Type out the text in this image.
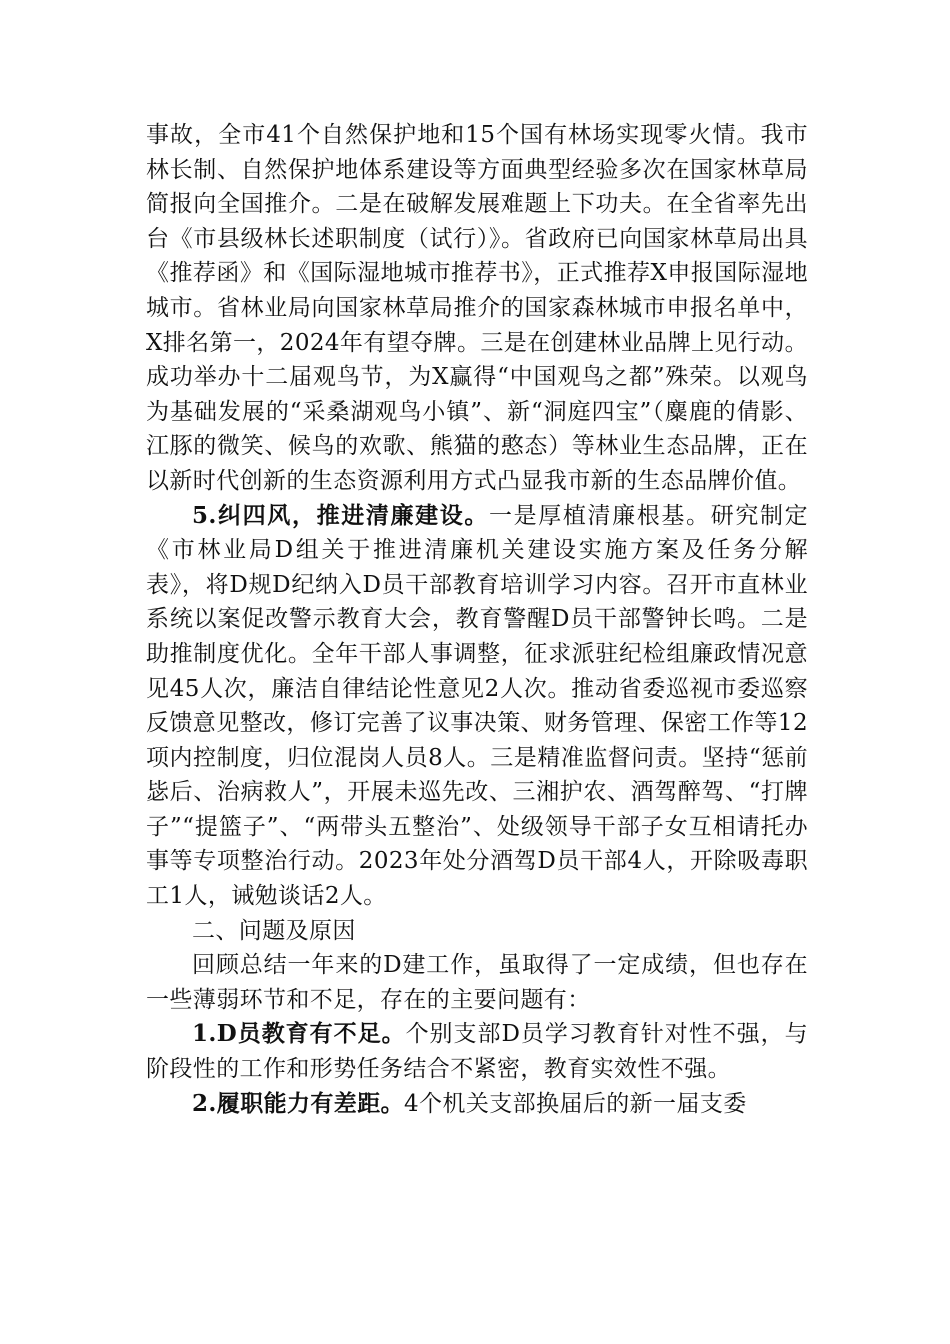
事故，全市41个自然保护地和15个国有林场实现零火情。我市林长制、自然保护地体系建设等方面典型经验多次在国家林草局简报向全国推介。二是在破解发展难题上下功夫。在全省率先出台《市县级林长述职制度（试行）》。省政府已向国家林草局出具《推荐函》和《国际湿地城市推荐书》，正式推荐X申报国际湿地城市。省林业局向国家林草局推介的国家森林城市申报名单中，X排名第一，2024年有望夺牌。三是在创建林业品牌上见行动。成功举办十二届观鸟节，为X赢得“中国观鸟之都”殊荣。以观鸟为基础发展的“采桑湖观鸟小镇”、新“洞庭四宝”（麋鹿的倩影、江豚的微笑、候鸟的欢歌、熊猫的憨态）等林业生态品牌，正在以新时代创新的生态资源利用方式凸显我市新的生态品牌价值。

5.纠四风，推进清廉建设。一是厚植清廉根基。研究制定《市林业局D组关于推进清廉机关建设实施方案及任务分解表》，将D规D纪纳入D员干部教育培训学习内容。召开市直林业系统以案促改警示教育大会，教育警醒D员干部警钟长鸣。二是助推制度优化。全年干部人事调整，征求派驻纪检组廉政情况意见45人次，廉洁自律结论性意见2人次。推动省委巡视市委巡察反馈意见整改，修订完善了议事决策、财务管理、保密工作等12项内控制度，归位混岗人员8人。三是精准监督问责。坚持“惩前毖后、治病救人”，开展未巡先改、三湘护农、酒驾醉驾、“打牌子”“提篮子”、“两带头五整治”、处级领导干部子女互相请托办事等专项整治行动。2023年处分酒驾D员干部4人，开除吸毒职工1人，诫勉谈话2人。

二、问题及原因

回顾总结一年来的D建工作，虽取得了一定成绩，但也存在一些薄弱环节和不足，存在的主要问题有：

1.D员教育有不足。个别支部D员学习教育针对性不强，与阶段性的工作和形势任务结合不紧密，教育实效性不强。

2.履职能力有差距。4个机关支部换届后的新一届支委
